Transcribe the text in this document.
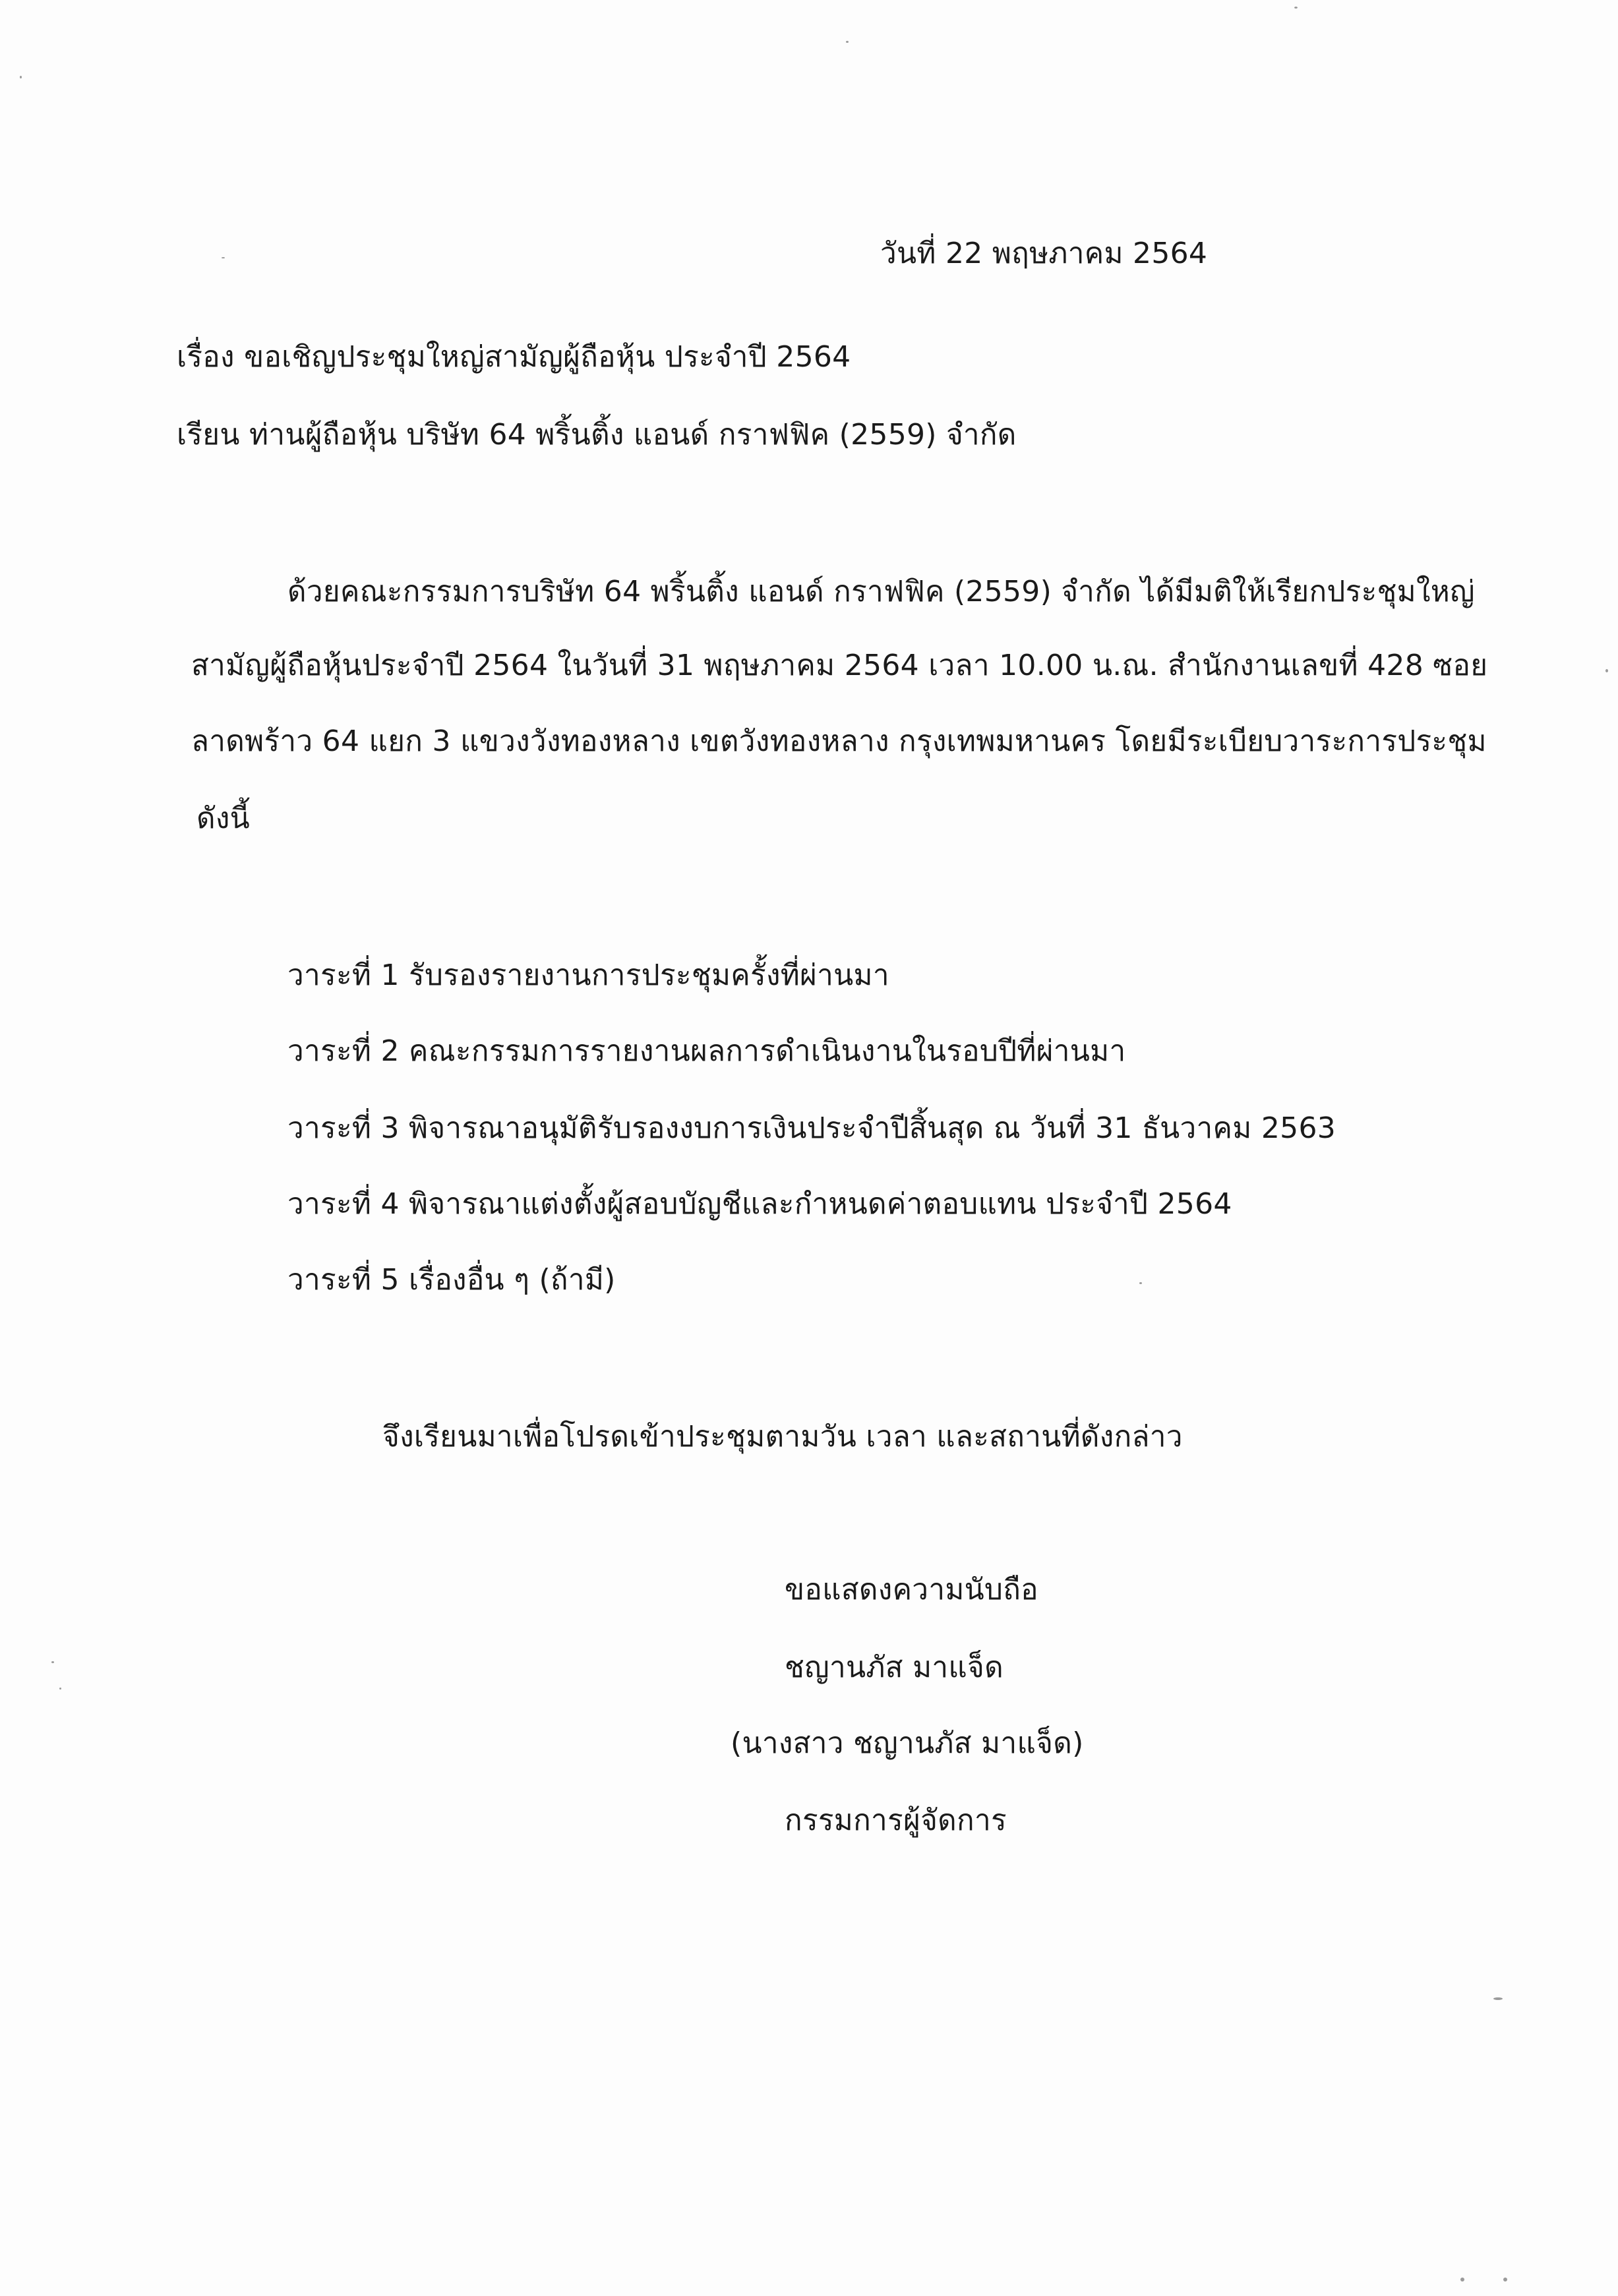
วันที่ 22 พฤษภาคม 2564
เรื่อง ขอเชิญประชุมใหญ่สามัญผู้ถือหุ้น ประจำปี 2564
เรียน ท่านผู้ถือหุ้น บริษัท 64 พริ้นติ้ง แอนด์ กราฟฟิค (2559) จำกัด
ด้วยคณะกรรมการบริษัท 64 พริ้นติ้ง แอนด์ กราฟฟิค (2559) จำกัด ได้มีมติให้เรียกประชุมใหญ่
สามัญผู้ถือหุ้นประจำปี 2564 ในวันที่ 31 พฤษภาคม 2564 เวลา 10.00 น.ณ. สำนักงานเลขที่ 428 ซอย
ลาดพร้าว 64 แยก 3 แขวงวังทองหลาง เขตวังทองหลาง กรุงเทพมหานคร โดยมีระเบียบวาระการประชุม
ดังนี้
วาระที่ 1 รับรองรายงานการประชุมครั้งที่ผ่านมา
วาระที่ 2 คณะกรรมการรายงานผลการดำเนินงานในรอบปีที่ผ่านมา
วาระที่ 3 พิจารณาอนุมัติรับรองงบการเงินประจำปีสิ้นสุด ณ วันที่ 31 ธันวาคม 2563
วาระที่ 4 พิจารณาแต่งตั้งผู้สอบบัญชีและกำหนดค่าตอบแทน ประจำปี 2564
วาระที่ 5 เรื่องอื่น ๆ (ถ้ามี)
จึงเรียนมาเพื่อโปรดเข้าประชุมตามวัน เวลา และสถานที่ดังกล่าว
ขอแสดงความนับถือ
ชญานภัส มาแจ็ด
(นางสาว ชญานภัส มาแจ็ด)
กรรมการผู้จัดการ
